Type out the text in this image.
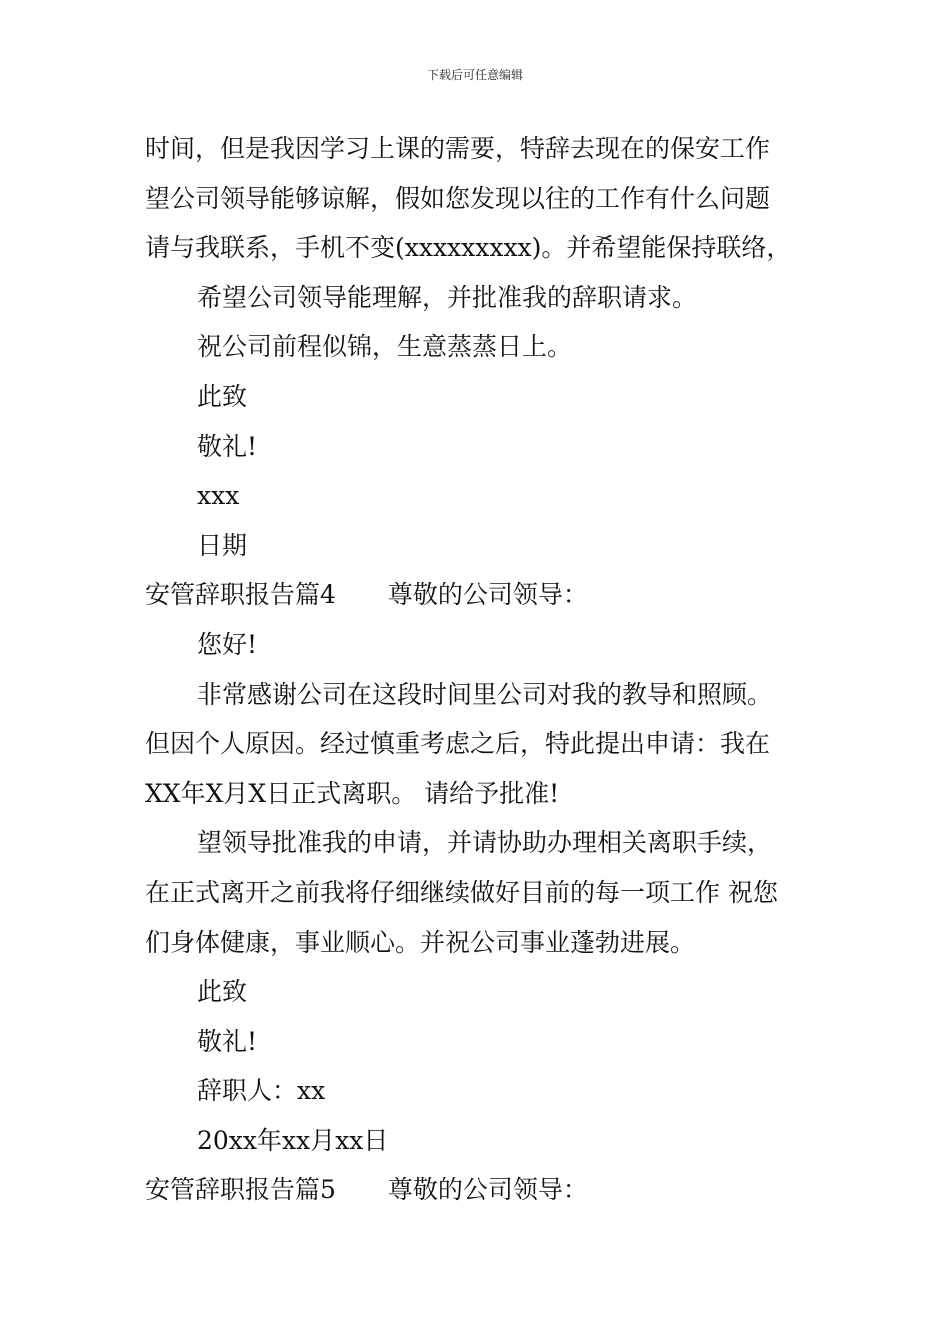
下载后可任意编辑
时间，但是我因学习上课的需要，特辞去现在的保安工作
望公司领导能够谅解，假如您发现以往的工作有什么问题
请与我联系，手机不变(xxxxxxxxx)。并希望能保持联络，
希望公司领导能理解，并批准我的辞职请求。
祝公司前程似锦，生意蒸蒸日上。
此致
敬礼!
xxx
日期
安管辞职报告篇4 尊敬的公司领导：
您好!
非常感谢公司在这段时间里公司对我的教导和照顾。
但因个人原因。经过慎重考虑之后，特此提出申请：我在
XX年X月X日正式离职。 请给予批准!
望领导批准我的申请，并请协助办理相关离职手续，
在正式离开之前我将仔细继续做好目前的每一项工作 祝您
们身体健康，事业顺心。并祝公司事业蓬勃进展。
此致
敬礼!
辞职人：xx
20xx年xx月xx日
安管辞职报告篇5 尊敬的公司领导：
